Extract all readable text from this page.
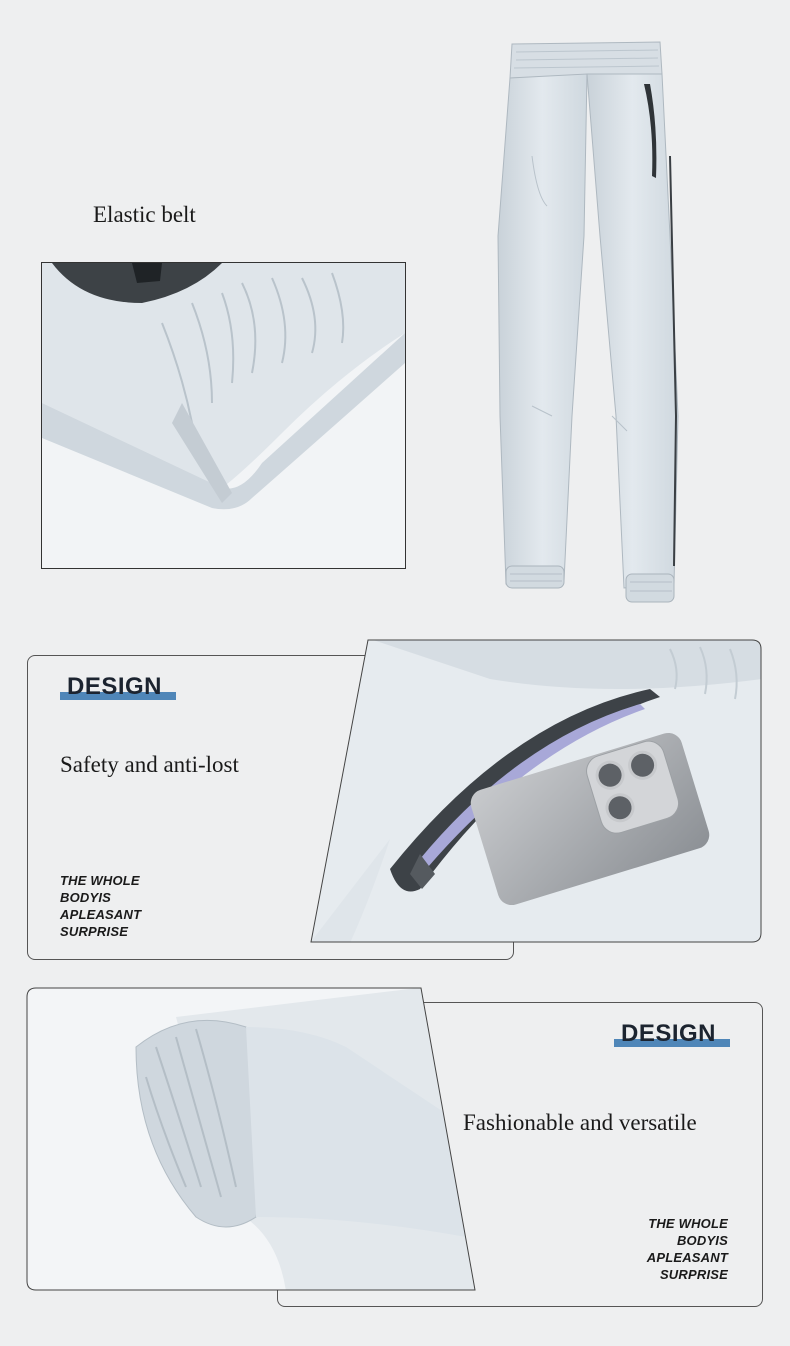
Elastic belt
DESIGN
Safety and anti-lost
THE WHOLE
BODYIS
APLEASANT
SURPRISE
DESIGN
Fashionable and versatile
THE WHOLE
BODYIS
APLEASANT
SURPRISE
